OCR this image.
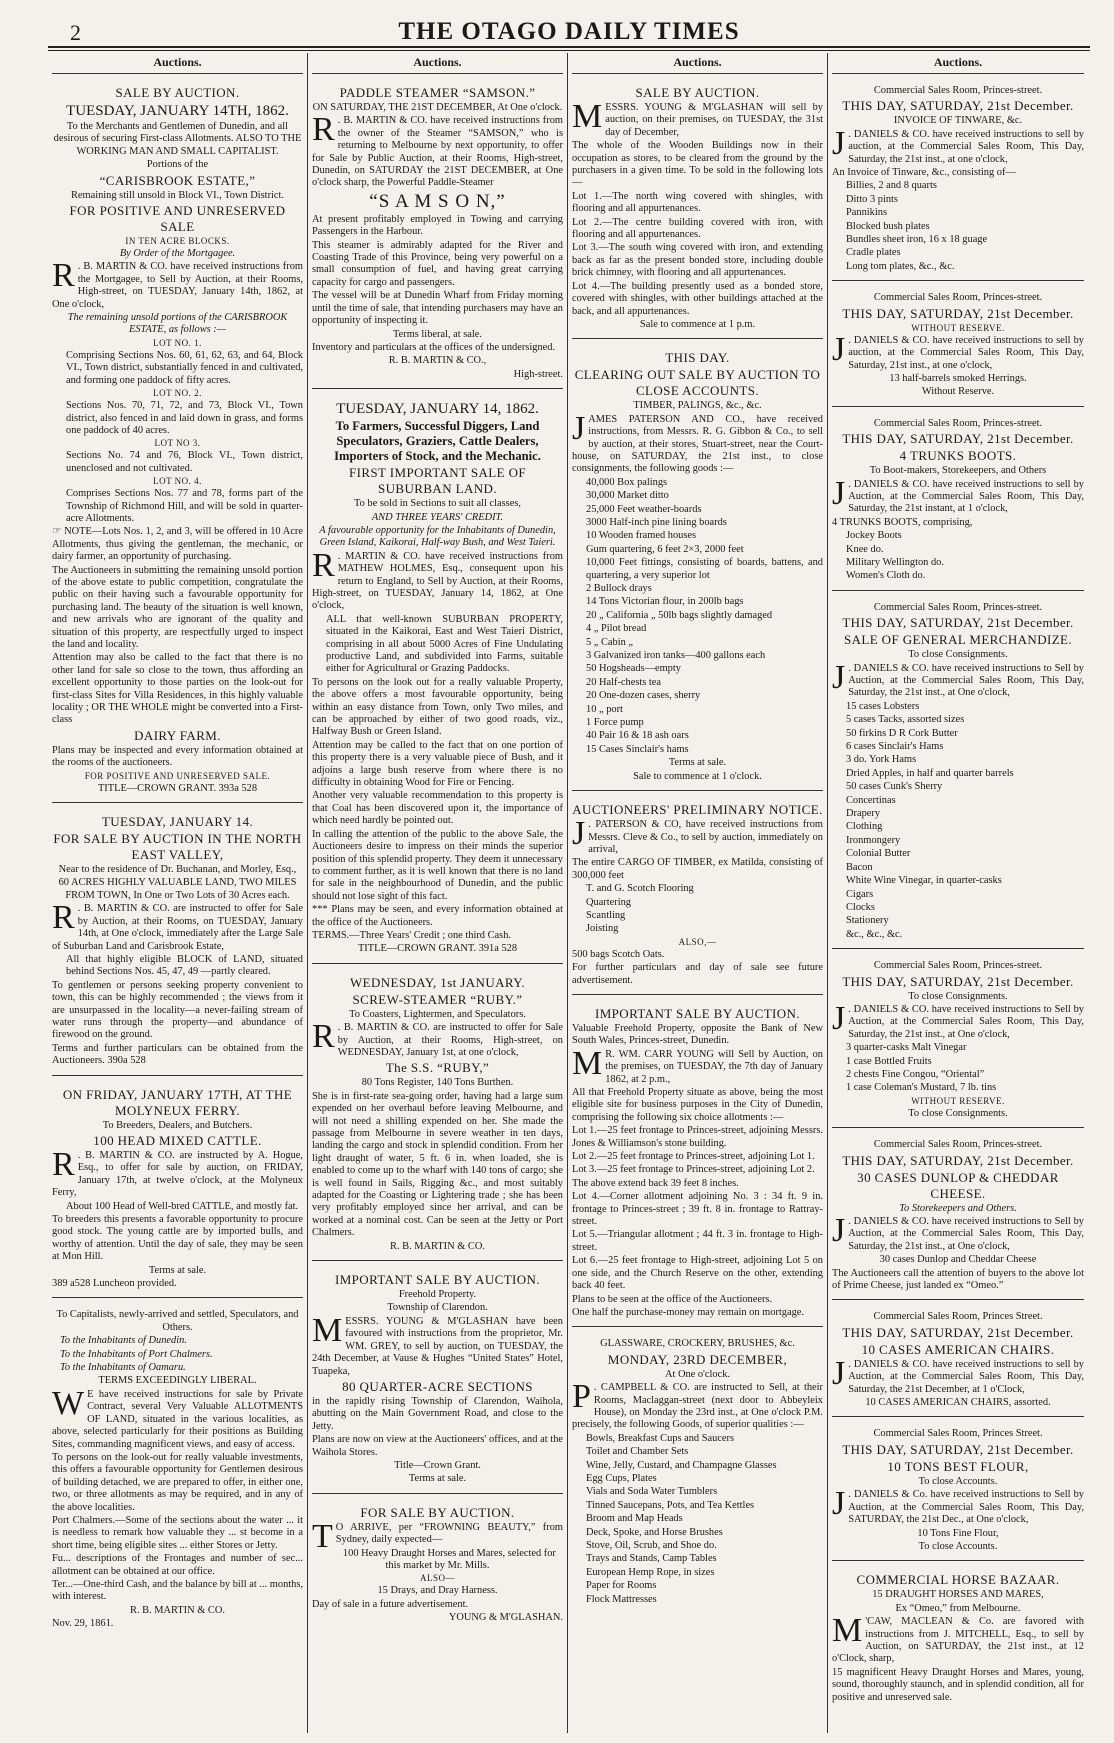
2	THE OTAGO DAILY TIMES
Auctions.

SALE BY AUCTION.

TUESDAY, JANUARY 14TH, 1862.

To the Merchants and Gentlemen of Dunedin, and all desirous of securing First-class Allotments. ALSO TO THE WORKING MAN AND SMALL CAPITALIST.

Portions of the

“CARISBROOK ESTATE,”

Remaining still unsold in Block VI., Town District.

FOR POSITIVE AND UNRESERVED SALE

IN TEN ACRE BLOCKS.

By Order of the Mortgagee.

R . B. MARTIN & CO. have received instructions from the Mortgagee, to Sell by Auction, at their Rooms, High-street, on TUESDAY, January 14th, 1862, at One o'clock,

The remaining unsold portions of the CARISBROOK ESTATE, as follows :—

LOT NO. 1.

Comprising Sections Nos. 60, 61, 62, 63, and 64, Block VI., Town district, substantially fenced in and cultivated, and forming one paddock of fifty acres.

LOT NO. 2.

Sections Nos. 70, 71, 72, and 73, Block VI., Town district, also fenced in and laid down in grass, and forms one paddock of 40 acres.

LOT NO 3.

Sections No. 74 and 76, Block VI., Town district, unenclosed and not cultivated.

LOT NO. 4.

Comprises Sections Nos. 77 and 78, forms part of the Township of Richmond Hill, and will be sold in quarter-acre Allotments.

☞ NOTE—Lots Nos. 1, 2, and 3, will be offered in 10 Acre Allotments, thus giving the gentleman, the mechanic, or dairy farmer, an opportunity of purchasing.

The Auctioneers in submitting the remaining unsold portion of the above estate to public competition, congratulate the public on their having such a favourable opportunity for purchasing land. The beauty of the situation is well known, and new arrivals who are ignorant of the quality and situation of this property, are respectfully urged to inspect the land and locality.

Attention may also be called to the fact that there is no other land for sale so close to the town, thus affording an excellent opportunity to those parties on the look-out for first-class Sites for Villa Residences, in this highly valuable locality ; OR THE WHOLE might be converted into a First-class

DAIRY FARM.

Plans may be inspected and every information obtained at the rooms of the auctioneers.

FOR POSITIVE AND UNRESERVED SALE.

TITLE—CROWN GRANT. 393a 528

TUESDAY, JANUARY 14.

FOR SALE BY AUCTION IN THE NORTH EAST VALLEY,

Near to the residence of Dr. Buchanan, and Morley, Esq.,

60 ACRES HIGHLY VALUABLE LAND, TWO MILES FROM TOWN, In One or Two Lots of 30 Acres each.

R . B. MARTIN & CO. are instructed to offer for Sale by Auction, at their Rooms, on TUESDAY, January 14th, at One o'clock, immediately after the Large Sale of Suburban Land and Carisbrook Estate,

All that highly eligible BLOCK of LAND, situated behind Sections Nos. 45, 47, 49 —partly cleared.

To gentlemen or persons seeking property convenient to town, this can be highly recommended ; the views from it are unsurpassed in the locality—a never-failing stream of water runs through the property—and abundance of firewood on the ground.

Terms and further particulars can be obtained from the Auctioneers. 390a 528

ON FRIDAY, JANUARY 17TH, AT THE MOLYNEUX FERRY.

To Breeders, Dealers, and Butchers.

100 HEAD MIXED CATTLE.

R . B. MARTIN & CO. are instructed by A. Hogue, Esq., to offer for sale by auction, on FRIDAY, January 17th, at twelve o'clock, at the Molyneux Ferry,

About 100 Head of Well-bred CATTLE, and mostly fat.

To breeders this presents a favorable opportunity to procure good stock. The young cattle are by imported bulls, and worthy of attention. Until the day of sale, they may be seen at Mon Hill.

Terms at sale.

389 a528 Luncheon provided.

To Capitalists, newly-arrived and settled, Speculators, and Others.

To the Inhabitants of Dunedin.

To the Inhabitants of Port Chalmers.

To the Inhabitants of Oamaru.

TERMS EXCEEDINGLY LIBERAL.

W E have received instructions for sale by Private Contract, several Very Valuable ALLOTMENTS OF LAND, situated in the various localities, as above, selected particularly for their positions as Building Sites, commanding magnificent views, and easy of access.

To persons on the look-out for really valuable investments, this offers a favourable opportunity for Gentlemen desirous of building detached, we are prepared to offer, in either one, two, or three allotments as may be required, and in any of the above localities.

Port Chalmers.—Some of the sections about the water ... it is needless to remark how valuable they ... st become in a short time, being eligible sites ... either Stores or Jetty.

Fu... descriptions of the Frontages and number of sec... allotment can be obtained at our office.

Ter...—One-third Cash, and the balance by bill at ... months, with interest.

R. B. MARTIN & CO.

Nov. 29, 1861.

Auctions.

PADDLE STEAMER “SAMSON.”

ON SATURDAY, THE 21ST DECEMBER, At One o'clock.

R . B. MARTIN & CO. have received instructions from the owner of the Steamer “SAMSON,” who is returning to Melbourne by next opportunity, to offer for Sale by Public Auction, at their Rooms, High-street, Dunedin, on SATURDAY the 21ST DECEMBER, at One o'clock sharp, the Powerful Paddle-Steamer

“S A M S O N,”

At present profitably employed in Towing and carrying Passengers in the Harbour.

This steamer is admirably adapted for the River and Coasting Trade of this Province, being very powerful on a small consumption of fuel, and having great carrying capacity for cargo and passengers.

The vessel will be at Dunedin Wharf from Friday morning until the time of sale, that intending purchasers may have an opportunity of inspecting it.

Terms liberal, at sale.

Inventory and particulars at the offices of the undersigned.

R. B. MARTIN & CO.,

High-street.

TUESDAY, JANUARY 14, 1862.

To Farmers, Successful Diggers, Land Speculators, Graziers, Cattle Dealers, Importers of Stock, and the Mechanic.

FIRST IMPORTANT SALE OF SUBURBAN LAND.

To be sold in Sections to suit all classes,

AND THREE YEARS' CREDIT.

A favourable opportunity for the Inhabitants of Dunedin, Green Island, Kaikorai, Half-way Bush, and West Taieri.

R . MARTIN & CO. have received instructions from MATHEW HOLMES, Esq., consequent upon his return to England, to Sell by Auction, at their Rooms, High-street, on TUESDAY, January 14, 1862, at One o'clock,

ALL that well-known SUBURBAN PROPERTY, situated in the Kaikorai, East and West Taieri District, comprising in all about 5000 Acres of Fine Undulating productive Land, and subdivided into Farms, suitable either for Agricultural or Grazing Paddocks.

To persons on the look out for a really valuable Property, the above offers a most favourable opportunity, being within an easy distance from Town, only Two miles, and can be approached by either of two good roads, viz., Halfway Bush or Green Island.

Attention may be called to the fact that on one portion of this property there is a very valuable piece of Bush, and it adjoins a large bush reserve from where there is no difficulty in obtaining Wood for Fire or Fencing.

Another very valuable recommendation to this property is that Coal has been discovered upon it, the importance of which need hardly be pointed out.

In calling the attention of the public to the above Sale, the Auctioneers desire to impress on their minds the superior position of this splendid property. They deem it unnecessary to comment further, as it is well known that there is no land for sale in the neighbourhood of Dunedin, and the public should not lose sight of this fact.

*** Plans may be seen, and every information obtained at the office of the Auctioneers.

TERMS.—Three Years' Credit ; one third Cash.

TITLE—CROWN GRANT. 391a 528

WEDNESDAY, 1st JANUARY.

SCREW-STEAMER “RUBY.”

To Coasters, Lightermen, and Speculators.

R . B. MARTIN & CO. are instructed to offer for Sale by Auction, at their Rooms, High-street, on WEDNESDAY, January 1st, at one o'clock,

The S.S. “RUBY,”

80 Tons Register, 140 Tons Burthen.

She is in first-rate sea-going order, having had a large sum expended on her overhaul before leaving Melbourne, and will not need a shilling expended on her. She made the passage from Melbourne in severe weather in ten days, landing the cargo and stock in splendid condition. From her light draught of water, 5 ft. 6 in. when loaded, she is enabled to come up to the wharf with 140 tons of cargo; she is well found in Sails, Rigging &c., and most suitably adapted for the Coasting or Lightering trade ; she has been very profitably employed since her arrival, and can be worked at a nominal cost. Can be seen at the Jetty or Port Chalmers.

R. B. MARTIN & CO.

IMPORTANT SALE BY AUCTION.

Freehold Property.

Township of Clarendon.

MESSRS. YOUNG & M'GLASHAN have been favoured with instructions from the proprietor, Mr. WM. GREY, to sell by auction, on TUESDAY, the 24th December, at Vause & Hughes “United States” Hotel, Tuapeka,

80 QUARTER-ACRE SECTIONS

in the rapidly rising Township of Clarendon, Waihola, abutting on the Main Government Road, and close to the Jetty.

Plans are now on view at the Auctioneers' offices, and at the Waihola Stores.

Title—Crown Grant.

Terms at sale.

FOR SALE BY AUCTION.

T O ARRIVE, per “FROWNING BEAUTY,” from Sydney, daily expected—

100 Heavy Draught Horses and Mares, selected for this market by Mr. Mills.

ALSO—

15 Drays, and Dray Harness.

Day of sale in a future advertisement.

YOUNG & M'GLASHAN.

Auctions.

SALE BY AUCTION.

MESSRS. YOUNG & M'GLASHAN will sell by auction, on their premises, on TUESDAY, the 31st day of December,

The whole of the Wooden Buildings now in their occupation as stores, to be cleared from the ground by the purchasers in a given time. To be sold in the following lots—

Lot 1.—The north wing covered with shingles, with flooring and all appurtenances.

Lot 2.—The centre building covered with iron, with flooring and all appurtenances.

Lot 3.—The south wing covered with iron, and extending back as far as the present bonded store, including double brick chimney, with flooring and all appurtenances.

Lot 4.—The building presently used as a bonded store, covered with shingles, with other buildings attached at the back, and all appurtenances.

Sale to commence at 1 p.m.

THIS DAY.

CLEARING OUT SALE BY AUCTION TO CLOSE ACCOUNTS.

TIMBER, PALINGS, &c., &c.

JAMES PATERSON AND CO., have received instructions, from Messrs. R. G. Gibbon & Co., to sell by auction, at their stores, Stuart-street, near the Court-house, on SATURDAY, the 21st inst., to close consignments, the following goods :—

40,000 Box palings

30,000 Market ditto

25,000 Feet weather-boards

3000 Half-inch pine lining boards

10 Wooden framed houses

Gum quartering, 6 feet 2×3, 2000 feet

10,000 Feet fittings, consisting of boards, battens, and quartering, a very superior lot

2 Bullock drays

14 Tons Victorian flour, in 200lb bags

20 „ California „ 50lb bags slightly damaged

4 „ Pilot bread

5 „ Cabin „

3 Galvanized iron tanks—400 gallons each

50 Hogsheads—empty

20 Half-chests tea

20 One-dozen cases, sherry

10 „ port

1 Force pump

40 Pair 16 & 18 ash oars

15 Cases Sinclair's hams

Terms at sale.

Sale to commence at 1 o'clock.

AUCTIONEERS' PRELIMINARY NOTICE.

J . PATERSON & CO, have received instructions from Messrs. Cleve & Co., to sell by auction, immediately on arrival,

The entire CARGO OF TIMBER, ex Matilda, consisting of 300,000 feet

T. and G. Scotch Flooring

Quartering

Scantling

Joisting

ALSO,—

500 bags Scotch Oats.

For further particulars and day of sale see future advertisement.

IMPORTANT SALE BY AUCTION.

Valuable Freehold Property, opposite the Bank of New South Wales, Princes-street, Dunedin.

M R. WM. CARR YOUNG will Sell by Auction, on the premises, on TUESDAY, the 7th day of January 1862, at 2 p.m.,

All that Freehold Property situate as above, being the most eligible site for business purposes in the City of Dunedin, comprising the following six choice allotments :—

Lot 1.—25 feet frontage to Princes-street, adjoining Messrs. Jones & Williamson's stone building.

Lot 2.—25 feet frontage to Princes-street, adjoining Lot 1.

Lot 3.—25 feet frontage to Princes-street, adjoining Lot 2.

The above extend back 39 feet 8 inches.

Lot 4.—Corner allotment adjoining No. 3 : 34 ft. 9 in. frontage to Princes-street ; 39 ft. 8 in. frontage to Rattray-street.

Lot 5.—Triangular allotment ; 44 ft. 3 in. frontage to High-street.

Lot 6.—25 feet frontage to High-street, adjoining Lot 5 on one side, and the Church Reserve on the other, extending back 40 feet.

Plans to be seen at the office of the Auctioneers.

One half the purchase-money may remain on mortgage.

GLASSWARE, CROCKERY, BRUSHES, &c.

MONDAY, 23RD DECEMBER,

At One o'clock.

P . CAMPBELL & CO. are instructed to Sell, at their Rooms, Maclaggan-street (next door to Abbeyleix House), on Monday the 23rd inst., at One o'clock P.M. precisely, the following Goods, of superior qualities :—

Bowls, Breakfast Cups and Saucers

Toilet and Chamber Sets

Wine, Jelly, Custard, and Champagne Glasses

Egg Cups, Plates

Vials and Soda Water Tumblers

Tinned Saucepans, Pots, and Tea Kettles

Broom and Map Heads

Deck, Spoke, and Horse Brushes

Stove, Oil, Scrub, and Shoe do.

Trays and Stands, Camp Tables

European Hemp Rope, in sizes

Paper for Rooms

Flock Mattresses

Auctions.

Commercial Sales Room, Princes-street.

THIS DAY, SATURDAY, 21st December.

INVOICE OF TINWARE, &c.

J . DANIELS & CO. have received instructions to sell by auction, at the Commercial Sales Room, This Day, Saturday, the 21st inst., at one o'clock,

An Invoice of Tinware, &c., consisting of—

Billies, 2 and 8 quarts

Ditto 3 pints

Pannikins

Blocked bush plates

Bundles sheet iron, 16 x 18 guage

Cradle plates

Long tom plates, &c., &c.

Commercial Sales Room, Princes-street.

THIS DAY, SATURDAY, 21st December.

WITHOUT RESERVE.

J . DANIELS & CO. have received instructions to sell by auction, at the Commercial Sales Room, This Day, Saturday, 21st inst., at one o'clock,

13 half-barrels smoked Herrings.

Without Reserve.

Commercial Sales Room, Princes-street.

THIS DAY, SATURDAY, 21st December.

4 TRUNKS BOOTS.

To Boot-makers, Storekeepers, and Others

J . DANIELS & CO. have received instructions to sell by Auction, at the Commercial Sales Room, This Day, Saturday, the 21st instant, at 1 o'clock,

4 TRUNKS BOOTS, comprising,

Jockey Boots

Knee do.

Military Wellington do.

Women's Cloth do.

Commercial Sales Room, Princes-street.

THIS DAY, SATURDAY, 21st December.

SALE OF GENERAL MERCHANDIZE.

To close Consignments.

J . DANIELS & CO. have received instructions to Sell by Auction, at the Commercial Sales Room, This Day, Saturday, the 21st inst., at One o'clock,

15 cases Lobsters

5 cases Tacks, assorted sizes

50 firkins D R Cork Butter

6 cases Sinclair's Hams

3 do. York Hams

Dried Apples, in half and quarter barrels

50 cases Cunk's Sherry

Concertinas

Drapery

Clothing

Ironmongery

Colonial Butter

Bacon

White Wine Vinegar, in quarter-casks

Cigars

Clocks

Stationery

&c., &c., &c.

Commercial Sales Room, Princes-street.

THIS DAY, SATURDAY, 21st December.

To close Consignments.

J . DANIELS & CO. have received instructions to Sell by Auction, at the Commercial Sales Room, This Day, Saturday, the 21st inst., at One o'clock,

3 quarter-casks Malt Vinegar

1 case Bottled Fruits

2 chests Fine Congou, “Oriental”

1 case Coleman's Mustard, 7 lb. tins

WITHOUT RESERVE.

To close Consignments.

Commercial Sales Room, Princes-street.

THIS DAY, SATURDAY, 21st December.

30 CASES DUNLOP & CHEDDAR CHEESE.

To Storekeepers and Others.

J . DANIELS & CO. have received instructions to Sell by Auction, at the Commercial Sales Room, This Day, Saturday, the 21st inst., at One o'clock,

30 cases Dunlop and Cheddar Cheese

The Auctioneers call the attention of buyers to the above lot of Prime Cheese, just landed ex “Omeo.”

Commercial Sales Room, Princes Street.

THIS DAY, SATURDAY, 21st December.

10 CASES AMERICAN CHAIRS.

J . DANIELS & CO. have received instructions to sell by Auction, at the Commercial Sales Room, This Day, Saturday, the 21st December, at 1 o'Clock,

10 CASES AMERICAN CHAIRS, assorted.

Commercial Sales Room, Princes Street.

THIS DAY, SATURDAY, 21st December.

10 TONS BEST FLOUR,

To close Accounts.

J . DANIELS & Co. have received instructions to Sell by Auction, at the Commercial Sales Room, This Day, SATURDAY, the 21st Dec., at One o'clock,

10 Tons Fine Flour,

To close Accounts.

COMMERCIAL HORSE BAZAAR.

15 DRAUGHT HORSES AND MARES,

Ex “Omeo,” from Melbourne.

M 'CAW, MACLEAN & Co. are favored with instructions from J. MITCHELL, Esq., to sell by Auction, on SATURDAY, the 21st inst., at 12 o'Clock, sharp,

15 magnificent Heavy Draught Horses and Mares, young, sound, thoroughly staunch, and in splendid condition, all for positive and unreserved sale.
